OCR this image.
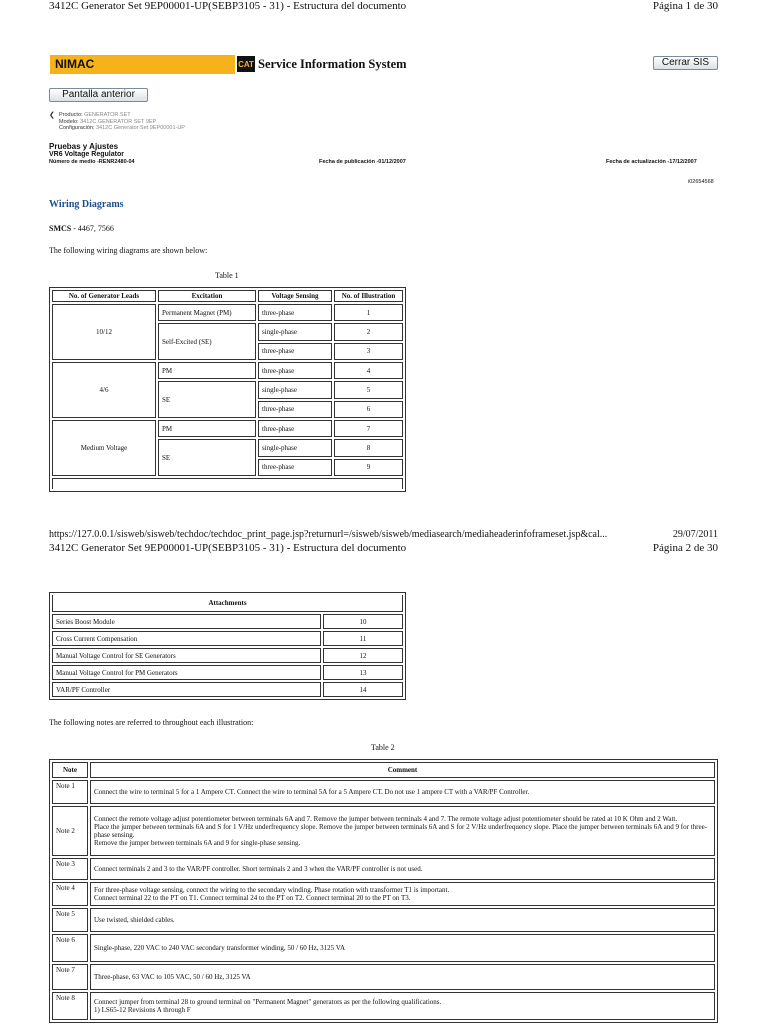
3412C Generator Set 9EP00001-UP(SEBP3105 - 31) - Estructura del documento	Página 1 de 30
NIMAC	CAT Service Information System	Cerrar SIS
Pantalla anterior
❮ Producto: GENERATOR SET
Modelo: 3412C GENERATOR SET 9EP
Configuración: 3412C Generator Set 9EP00001-UP
Pruebas y Ajustes
VR6 Voltage Regulator
Número de medio -RENR2480-04	Fecha de publicación -01/12/2007	Fecha de actualización -17/12/2007
i02654568
Wiring Diagrams
SMCS - 4467, 7566
The following wiring diagrams are shown below:
Table 1
No. of Generator Leads	Excitation	Voltage Sensing	No. of Illustration
10/12	Permanent Magnet (PM)	three-phase	1
	Self-Excited (SE)	single-phase	2
		three-phase	3
4/6	PM	three-phase	4
	SE	single-phase	5
		three-phase	6
Medium Voltage	PM	three-phase	7
	SE	single-phase	8
		three-phase	9

https://127.0.0.1/sisweb/sisweb/techdoc/techdoc_print_page.jsp?returnurl=/sisweb/sisweb/mediasearch/mediaheaderinfoframeset.jsp&cal...	29/07/2011
3412C Generator Set 9EP00001-UP(SEBP3105 - 31) - Estructura del documento	Página 2 de 30
Attachments	
Series Boost Module	10
Cross Current Compensation	11
Manual Voltage Control for SE Generators	12
Manual Voltage Control for PM Generators	13
VAR/PF Controller	14
The following notes are referred to throughout each illustration:
Table 2
Note	Comment
Note 1	Connect the wire to terminal 5 for a 1 Ampere CT. Connect the wire to terminal 5A for a 5 Ampere CT. Do not use 1 ampere CT with a VAR/PF Controller.
Note 2	Connect the remote voltage adjust potentiometer between terminals 6A and 7. Remove the jumper between terminals 4 and 7. The remote voltage adjust potentiometer should be rated at 10 K Ohm and 2 Watt.
Place the jumper between terminals 6A and S for 1 V/Hz underfrequency slope. Remove the jumper between terminals 6A and S for 2 V/Hz underfrequency slope. Place the jumper between terminals 6A and 9 for three-phase sensing.
Remove the jumper between terminals 6A and 9 for single-phase sensing.
Note 3	Connect terminals 2 and 3 to the VAR/PF controller. Short terminals 2 and 3 when the VAR/PF controller is not used.
Note 4	For three-phase voltage sensing, connect the wiring to the secondary winding. Phase rotation with transformer T1 is important.
Connect terminal 22 to the PT on T1. Connect terminal 24 to the PT on T2. Connect terminal 20 to the PT on T3.
Note 5	Use twisted, shielded cables.
Note 6	Single-phase, 220 VAC to 240 VAC secondary transformer winding, 50 / 60 Hz, 3125 VA
Note 7	Three-phase, 63 VAC to 105 VAC, 50 / 60 Hz, 3125 VA
Note 8	Connect jumper from terminal 28 to ground terminal on "Permanent Magnet" generators as per the following qualifications.
1) LS65-12 Revisions A through F
